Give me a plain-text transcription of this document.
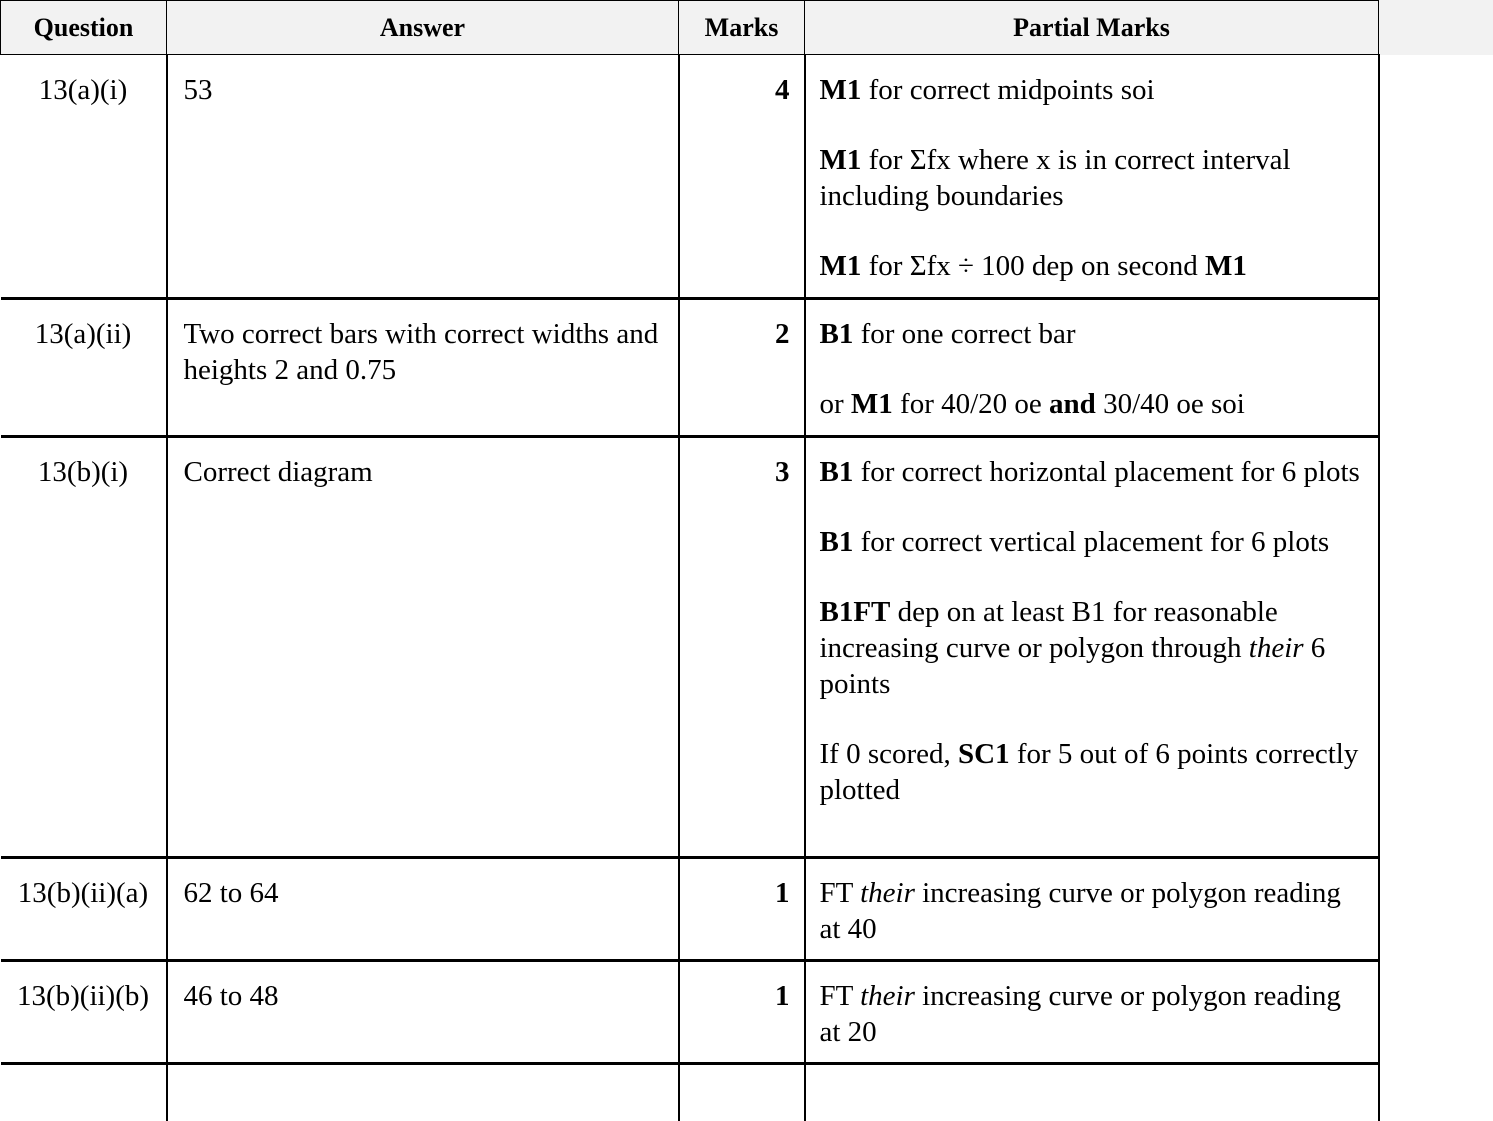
Question	Answer	Marks	Partial Marks
13(a)(i)	53	4	M1 for correct midpoints soi

M1 for Σfx where x is in correct interval including boundaries

M1 for Σfx ÷ 100 dep on second M1

13(a)(ii)	Two correct bars with correct widths and heights 2 and 0.75	2	B1 for one correct bar

or M1 for 40/20 oe and 30/40 oe soi

13(b)(i)	Correct diagram	3	B1 for correct horizontal placement for 6 plots

B1 for correct vertical placement for 6 plots

B1FT dep on at least B1 for reasonable increasing curve or polygon through their 6 points

If 0 scored, SC1 for 5 out of 6 points correctly plotted

13(b)(ii)(a)	62 to 64	1	FT their increasing curve or polygon reading at 40

13(b)(ii)(b)	46 to 48	1	FT their increasing curve or polygon reading at 20
